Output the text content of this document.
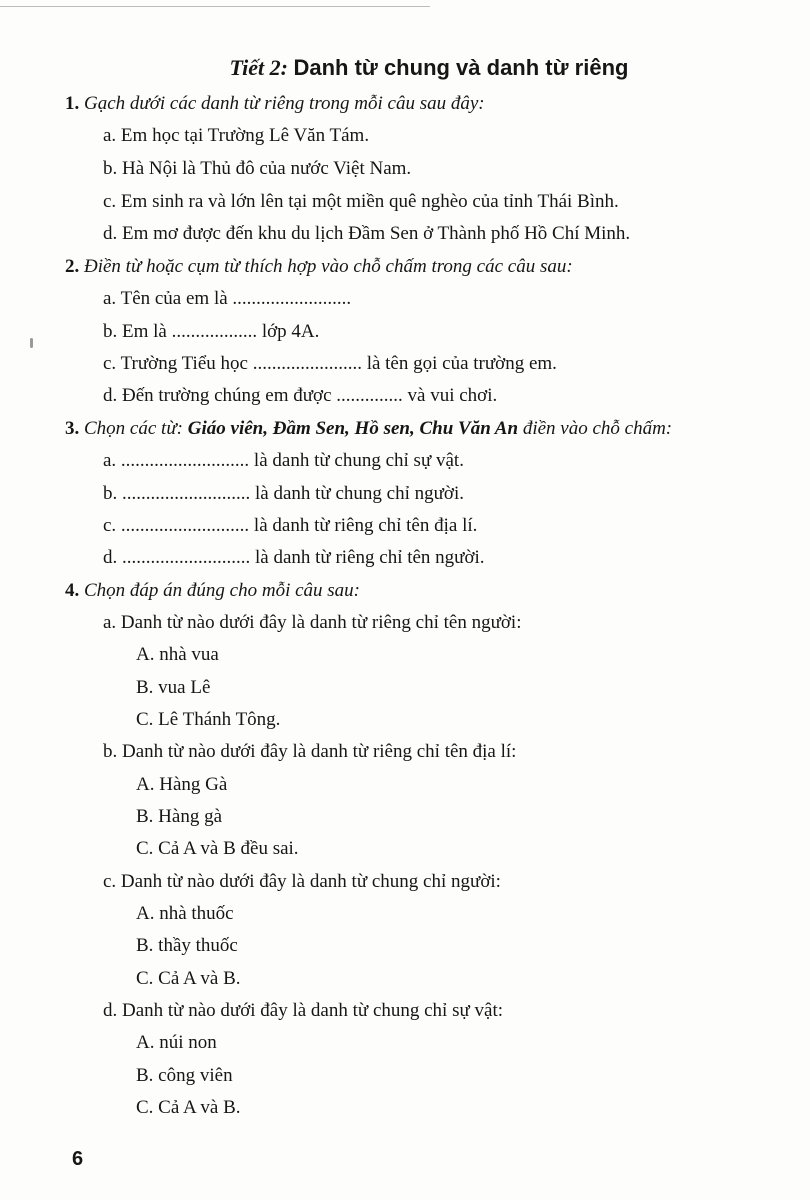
Tiết 2: Danh từ chung và danh từ riêng
1. Gạch dưới các danh từ riêng trong mỗi câu sau đây:
a. Em học tại Trường Lê Văn Tám.
b. Hà Nội là Thủ đô của nước Việt Nam.
c. Em sinh ra và lớn lên tại một miền quê nghèo của tỉnh Thái Bình.
d. Em mơ được đến khu du lịch Đầm Sen ở Thành phố Hồ Chí Minh.
2. Điền từ hoặc cụm từ thích hợp vào chỗ chấm trong các câu sau:
a. Tên của em là .........................
b. Em là .................. lớp 4A.
c. Trường Tiểu học ....................... là tên gọi của trường em.
d. Đến trường chúng em được .............. và vui chơi.
3. Chọn các từ: Giáo viên, Đầm Sen, Hồ sen, Chu Văn An điền vào chỗ chấm:
a. ........................... là danh từ chung chỉ sự vật.
b. ........................... là danh từ chung chỉ người.
c. ........................... là danh từ riêng chỉ tên địa lí.
d. ........................... là danh từ riêng chỉ tên người.
4. Chọn đáp án đúng cho mỗi câu sau:
a. Danh từ nào dưới đây là danh từ riêng chỉ tên người:
A. nhà vua
B. vua Lê
C. Lê Thánh Tông.
b. Danh từ nào dưới đây là danh từ riêng chỉ tên địa lí:
A. Hàng Gà
B. Hàng gà
C. Cả A và B đều sai.
c. Danh từ nào dưới đây là danh từ chung chỉ người:
A. nhà thuốc
B. thầy thuốc
C. Cả A và B.
d. Danh từ nào dưới đây là danh từ chung chỉ sự vật:
A. núi non
B. công viên
C. Cả A và B.
6
